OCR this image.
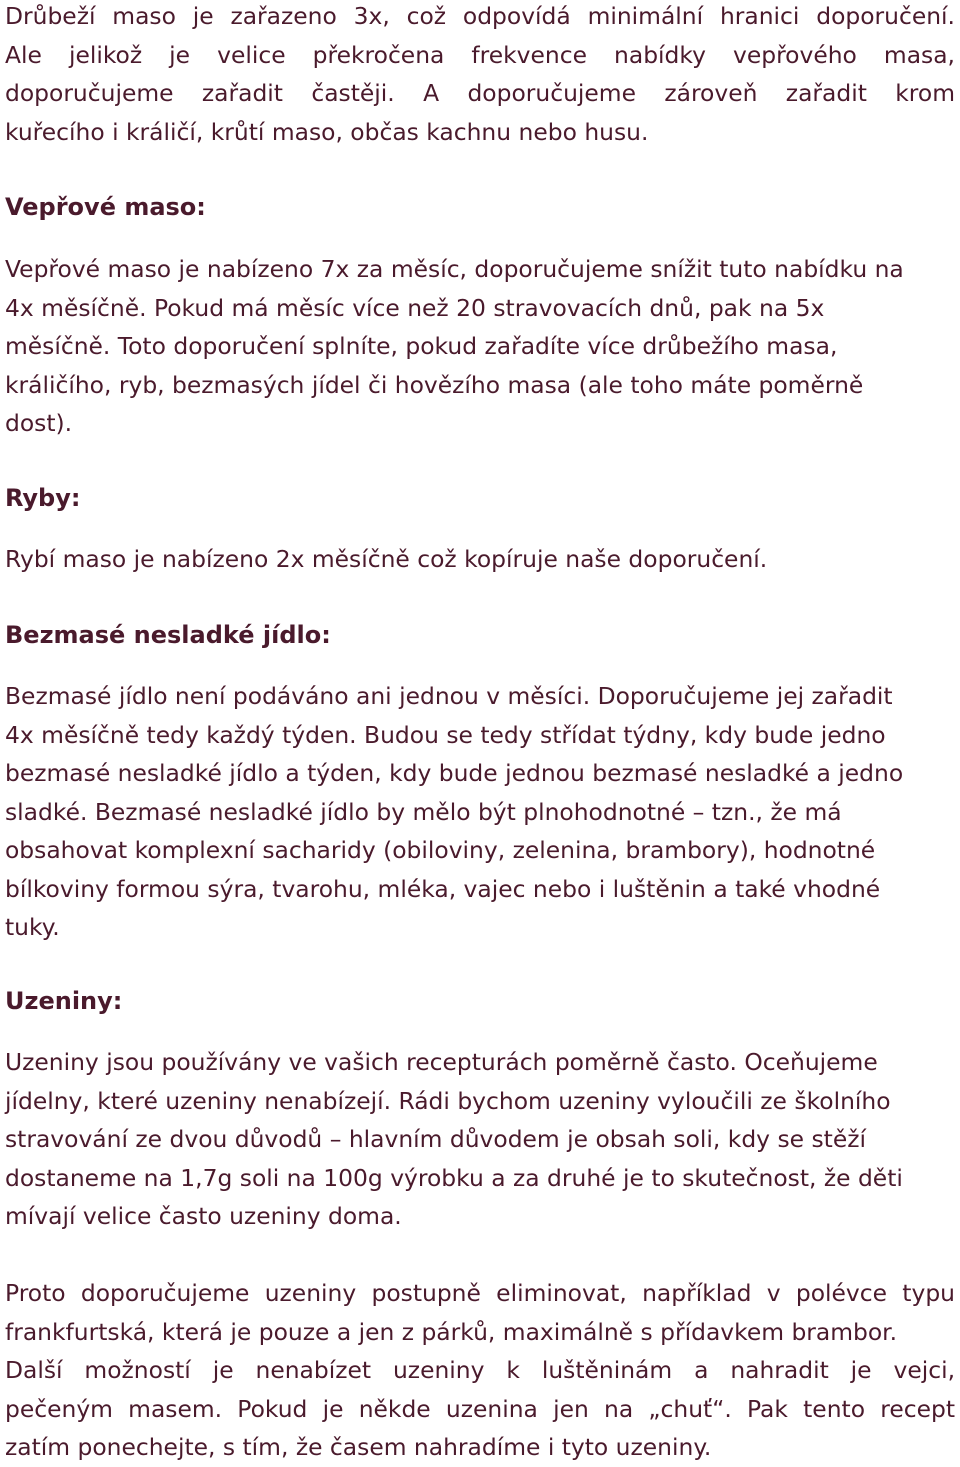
Drůbeží maso je zařazeno 3x, což odpovídá minimální hranici doporučení.
Ale jelikož je velice překročena frekvence nabídky vepřového masa,
doporučujeme zařadit častěji. A doporučujeme zároveň zařadit krom
kuřecího i králičí, krůtí maso, občas kachnu nebo husu.
Vepřové maso:
Vepřové maso je nabízeno 7x za měsíc, doporučujeme snížit tuto nabídku na
4x měsíčně. Pokud má měsíc více než 20 stravovacích dnů, pak na 5x
měsíčně. Toto doporučení splníte, pokud zařadíte více drůbežího masa,
králičího, ryb, bezmasých jídel či hovězího masa (ale toho máte poměrně
dost).
Ryby:
Rybí maso je nabízeno 2x měsíčně což kopíruje naše doporučení.
Bezmasé nesladké jídlo:
Bezmasé jídlo není podáváno ani jednou v měsíci. Doporučujeme jej zařadit
4x měsíčně tedy každý týden. Budou se tedy střídat týdny, kdy bude jedno
bezmasé nesladké jídlo a týden, kdy bude jednou bezmasé nesladké a jedno
sladké. Bezmasé nesladké jídlo by mělo být plnohodnotné – tzn., že má
obsahovat komplexní sacharidy (obiloviny, zelenina, brambory), hodnotné
bílkoviny formou sýra, tvarohu, mléka, vajec nebo i luštěnin a také vhodné
tuky.
Uzeniny:
Uzeniny jsou používány ve vašich recepturách poměrně často. Oceňujeme
jídelny, které uzeniny nenabízejí. Rádi bychom uzeniny vyloučili ze školního
stravování ze dvou důvodů – hlavním důvodem je obsah soli, kdy se stěží
dostaneme na 1,7g soli na 100g výrobku a za druhé je to skutečnost, že děti
mívají velice často uzeniny doma.
Proto doporučujeme uzeniny postupně eliminovat, například v polévce typu
frankfurtská, která je pouze a jen z párků, maximálně s přídavkem brambor.
Další možností je nenabízet uzeniny k luštěninám a nahradit je vejci,
pečeným masem. Pokud je někde uzenina jen na „chuť“. Pak tento recept
zatím ponechejte, s tím, že časem nahradíme i tyto uzeniny.
